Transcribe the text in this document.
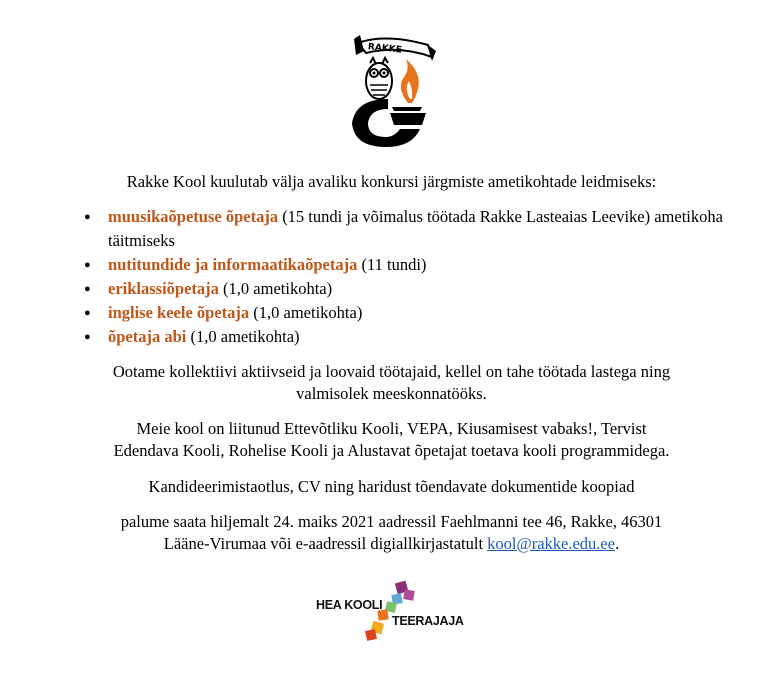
RAKKE
Rakke Kool kuulutab välja avaliku konkursi järgmiste ametikohtade leidmiseks:
● muusikaõpetuse õpetaja (15 tundi ja võimalus töötada Rakke Lasteaias Leevike) ametikoha täitmiseks
● nutitundide ja informaatikaõpetaja (11 tundi)
● eriklassiõpetaja (1,0 ametikohta)
● inglise keele õpetaja (1,0 ametikohta)
● õpetaja abi (1,0 ametikohta)
Ootame kollektiivi aktiivseid ja loovaid töötajaid, kellel on tahe töötada lastega ning
valmisolek meeskonnatööks.
Meie kool on liitunud Ettevõtliku Kooli, VEPA, Kiusamisest vabaks!, Tervist
Edendava Kooli, Rohelise Kooli ja Alustavat õpetajat toetava kooli programmidega.
Kandideerimistaotlus, CV ning haridust tõendavate dokumentide koopiad
palume saata hiljemalt 24. maiks 2021 aadressil Faehlmanni tee 46, Rakke, 46301
Lääne-Virumaa või e-aadressil digiallkirjastatult kool@rakke.edu.ee.
HEA KOOLI
TEERAJAJA
